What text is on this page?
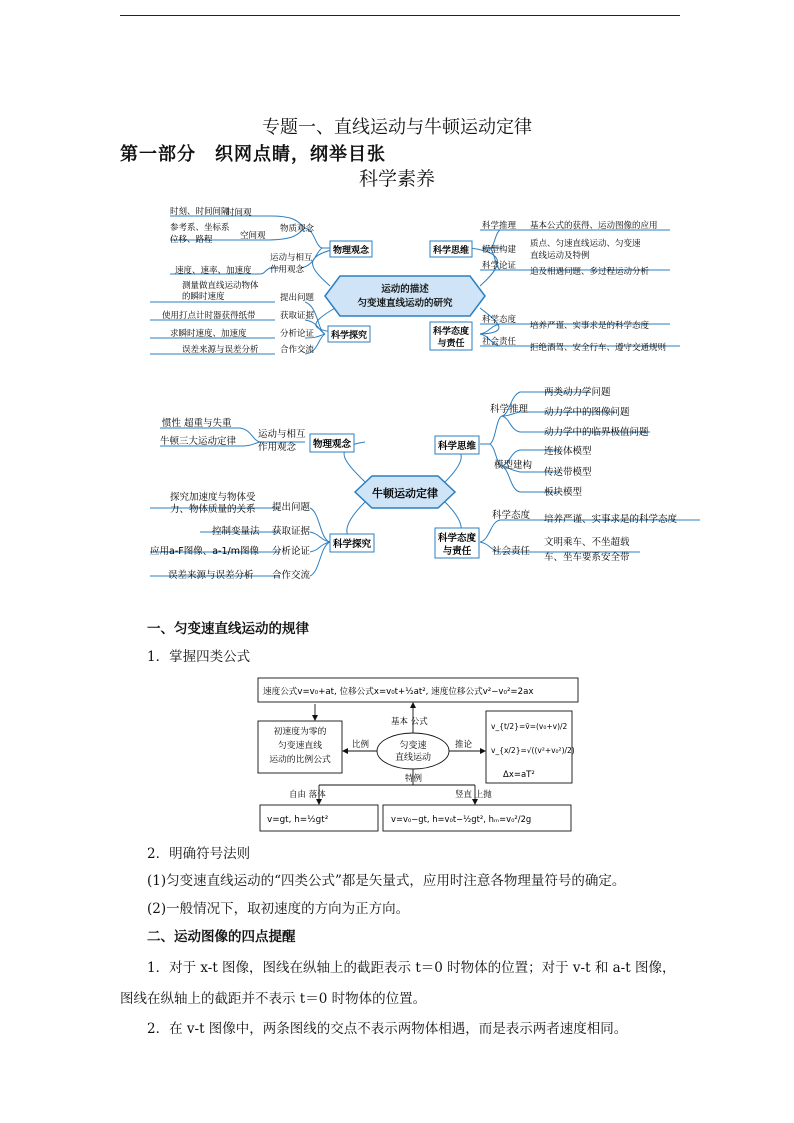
专题一、直线运动与牛顿运动定律
第一部分　织网点睛，纲举目张
科学素养
运动的描述
匀变速直线运动的研究
物理观念	科学思维
科学探究	科学态度
与责任
物质观念
时间观
空间观
时刻、时间间隔
参考系、坐标系
位移、路程
运动与相互
作用观念
速度、速率、加速度
科学推理 基本公式的获得、运动图像的应用
模型构建
质点、匀速直线运动、匀变速
直线运动及特例
科学论证
追及相遇问题、多过程运动分析
提出问题
获取证据
分析论证
合作交流
测量做直线运动物体
的瞬时速度
使用打点计时器获得纸带
求瞬时速度、加速度
误差来源与误差分析
科学态度
培养严谨、实事求是的科学态度
社会责任
拒绝酒驾、安全行车、遵守交通规则
牛顿运动定律
物理观念	科学思维
科学探究
科学态度
与责任
运动与相互
作用观念
惯性 超重与失重
牛顿三大运动定律
科学推理
两类动力学问题
动力学中的图像问题
动力学中的临界极值问题
模型建构
连接体模型
传送带模型
板块模型
提出问题
获取证据
分析论证
合作交流
探究加速度与物体受
力、物体质量的关系
控制变量法
应用a-F图像、a-1/m图像
误差来源与误差分析
科学态度 培养严谨、实事求是的科学态度
社会责任
文明乘车、不坐超载
车、坐车要系安全带
一、匀变速直线运动的规律
1．掌握四类公式
速度公式v=v₀+at, 位移公式x=v₀t+½at², 速度位移公式v²−v₀²=2ax
基本 公式
匀变速
直线运动
比例	推论
特例
初速度为零的
匀变速直线
运动的比例公式
v_{t/2}=v̄=(v₀+v)/2
v_{x/2}=√((v²+v₀²)/2)
Δx=aT²
自由 落体	竖直 上抛
v=gt, h=½gt²	v=v₀−gt, h=v₀t−½gt², hₘ=v₀²/2g
2．明确符号法则
(1)匀变速直线运动的“四类公式”都是矢量式，应用时注意各物理量符号的确定。
(2)一般情况下，取初速度的方向为正方向。
二、运动图像的四点提醒
1．对于 x-t 图像，图线在纵轴上的截距表示 t＝0 时物体的位置；对于 v-t 和 a-t 图像，
图线在纵轴上的截距并不表示 t＝0 时物体的位置。
2．在 v-t 图像中，两条图线的交点不表示两物体相遇，而是表示两者速度相同。
